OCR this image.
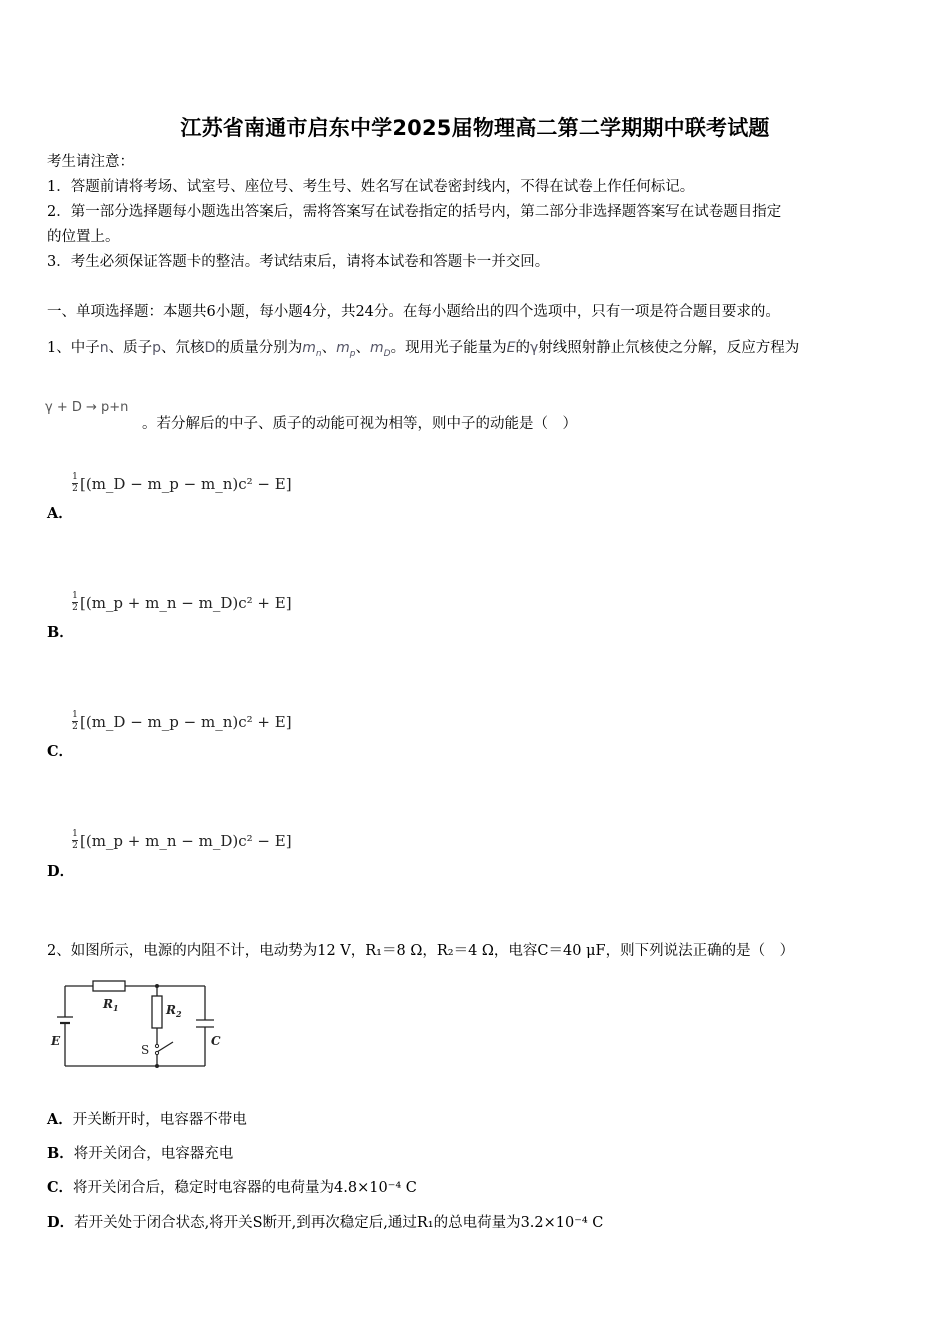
江苏省南通市启东中学2025届物理高二第二学期期中联考试题
考生请注意：
1．答题前请将考场、试室号、座位号、考生号、姓名写在试卷密封线内，不得在试卷上作任何标记。
2．第一部分选择题每小题选出答案后，需将答案写在试卷指定的括号内，第二部分非选择题答案写在试卷题目指定
的位置上。
3．考生必须保证答题卡的整洁。考试结束后，请将本试卷和答题卡一并交回。
一、单项选择题：本题共6小题，每小题4分，共24分。在每小题给出的四个选项中，只有一项是符合题目要求的。
1、中子n、质子p、氘核D的质量分别为$m_n$、$m_p$、$m_D$。现用光子能量为E的γ射线照射静止氘核使之分解，反应方程为
γ + D → p+n
。若分解后的中子、质子的动能可视为相等，则中子的动能是（　）
$\frac{1}{2}$ [(m_D − m_p − m_n)c² − E]
A．
$\frac{1}{2}$ [(m_p + m_n − m_D)c² + E]
B．
$\frac{1}{2}$ [(m_D − m_p − m_n)c² + E]
C．
$\frac{1}{2}$ [(m_p + m_n − m_D)c² − E]
D．
2、如图所示，电源的内阻不计，电动势为12 V，R₁＝8 Ω，R₂＝4 Ω，电容C＝40 μF，则下列说法正确的是（　）
$R_1$	$R_2$
E	C
S
A．开关断开时，电容器不带电
B．将开关闭合，电容器充电
C．将开关闭合后，稳定时电容器的电荷量为4.8×10⁻⁴ C
D．若开关处于闭合状态,将开关S断开,到再次稳定后,通过R₁的总电荷量为3.2×10⁻⁴ C
